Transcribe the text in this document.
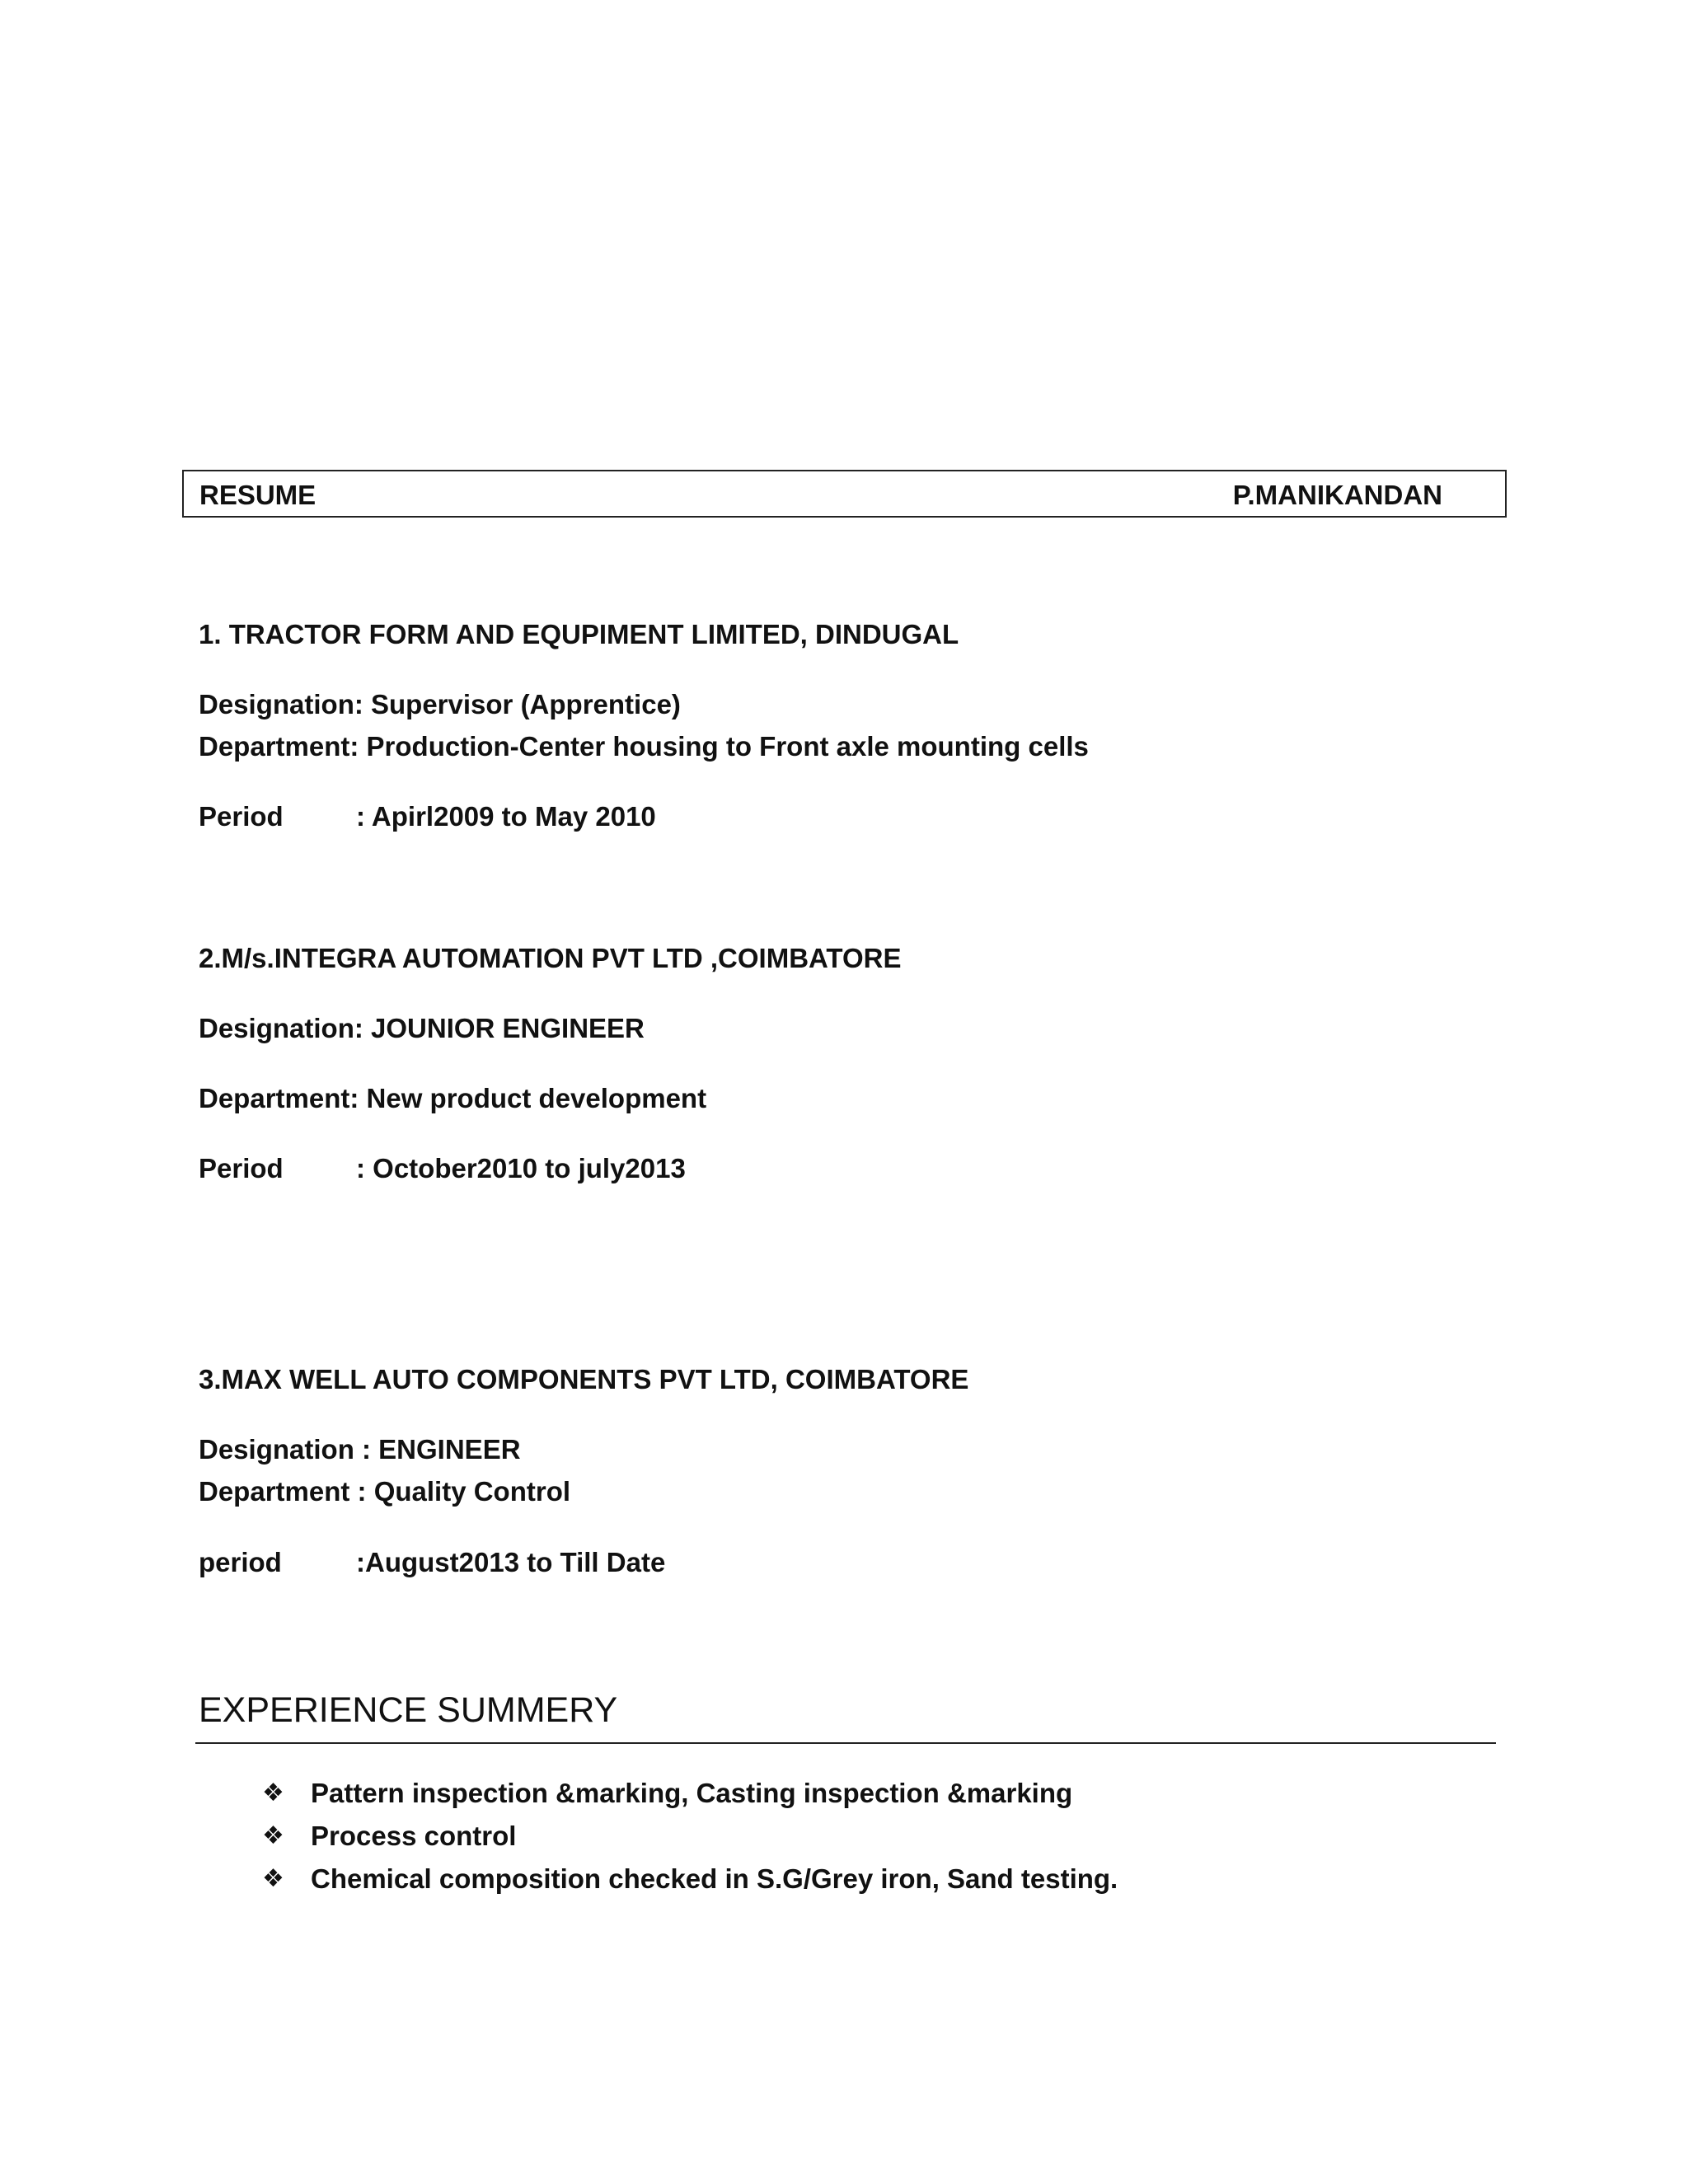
RESUME	P.MANIKANDAN
1. TRACTOR FORM AND EQUPIMENT LIMITED, DINDUGAL
Designation: Supervisor (Apprentice)
Department: Production-Center housing to Front axle mounting cells
Period	: Apirl2009 to May 2010
2.M/s.INTEGRA AUTOMATION PVT LTD ,COIMBATORE
Designation: JOUNIOR ENGINEER
Department: New product development
Period	: October2010 to july2013
3.MAX WELL AUTO COMPONENTS PVT LTD, COIMBATORE
Designation : ENGINEER
Department : Quality Control
period	:August2013 to Till Date
EXPERIENCE SUMMERY
❖ Pattern inspection &marking, Casting inspection &marking
❖ Process control
❖ Chemical composition checked in S.G/Grey iron, Sand testing.
